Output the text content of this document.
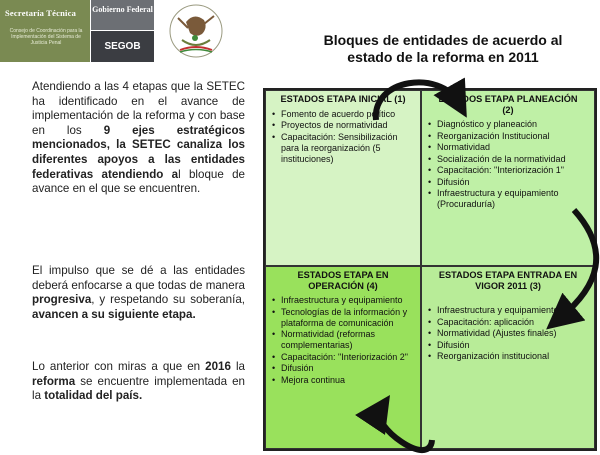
Secretaría Técnica
Consejo de Coordinación para la Implementación del Sistema de Justicia Penal
Gobierno Federal
SEGOB
Atendiendo a las 4 etapas que la SETEC ha identificado en el avance de implementación de la reforma y con base en los 9 ejes estratégicos mencionados, la SETEC canaliza los diferentes apoyos a las entidades federativas atendiendo al bloque de avance en el que se encuentren.
El impulso que se dé a las entidades deberá enfocarse a que todas de manera progresiva, y respetando su soberanía, avancen a su siguiente etapa.
Lo anterior con miras a que en 2016 la reforma se encuentre implementada en la totalidad del país.
Bloques de entidades de acuerdo al estado de la reforma en 2011
ESTADOS ETAPA INICIAL (1)
• Fomento de acuerdo político
• Proyectos de normatividad
• Capacitación: Sensibilización para la reorganización (5 instituciones)
ESTADOS ETAPA PLANEACIÓN (2)
• Diagnóstico y planeación
• Reorganización Institucional
• Normatividad
• Socialización de la normatividad
• Capacitación: "Interiorización 1"
• Difusión
• Infraestructura y equipamiento (Procuraduría)
ESTADOS ETAPA EN OPERACIÓN (4)
• Infraestructura y equipamiento
• Tecnologías de la información y plataforma de comunicación
• Normatividad (reformas complementarias)
• Capacitación: "Interiorización 2"
• Difusión
• Mejora continua
ESTADOS ETAPA ENTRADA EN VIGOR 2011 (3)
• Infraestructura y equipamiento
• Capacitación: aplicación
• Normatividad (Ajustes finales)
• Difusión
• Reorganización institucional
